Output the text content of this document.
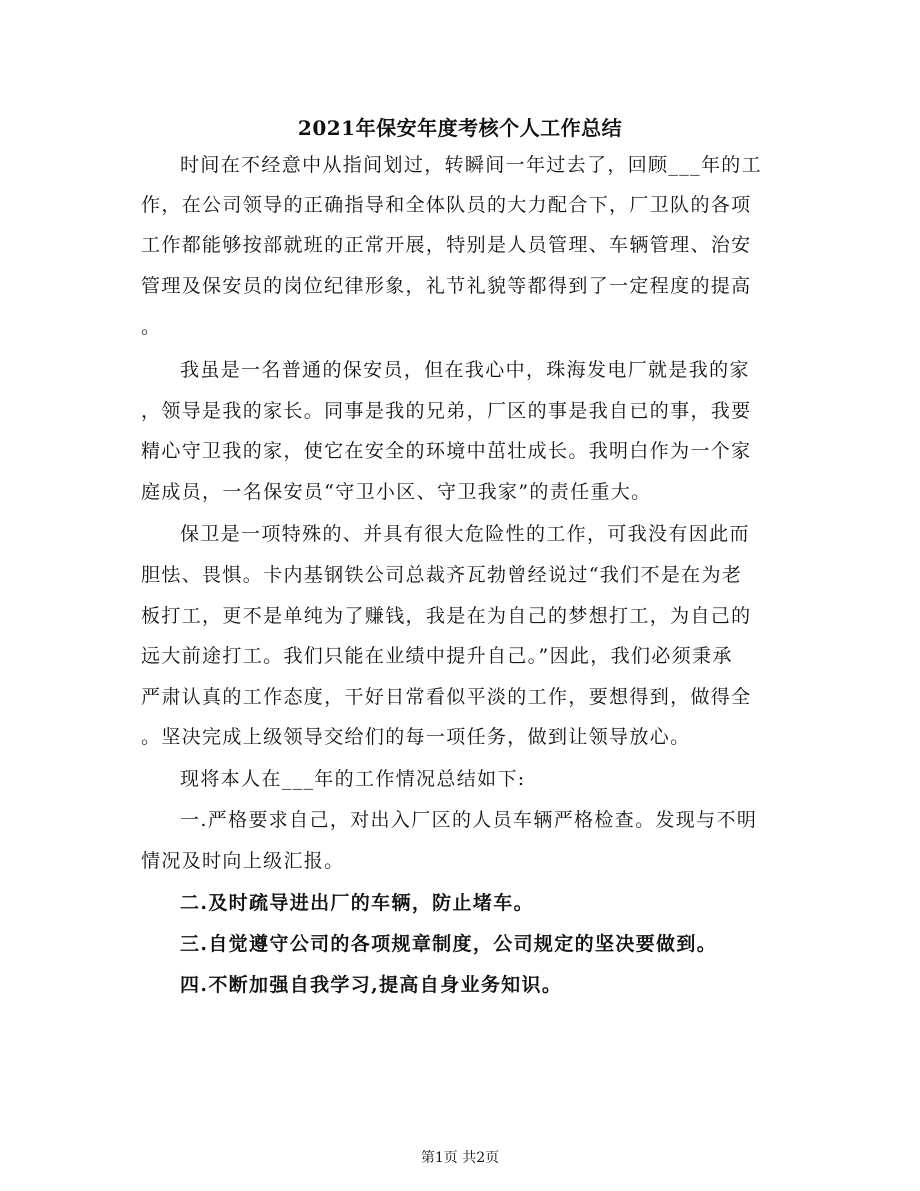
2021年保安年度考核个人工作总结
时间在不经意中从指间划过，转瞬间一年过去了，回顾___年的工
作，在公司领导的正确指导和全体队员的大力配合下，厂卫队的各项
工作都能够按部就班的正常开展，特别是人员管理、车辆管理、治安
管理及保安员的岗位纪律形象，礼节礼貌等都得到了一定程度的提高
。
我虽是一名普通的保安员，但在我心中，珠海发电厂就是我的家
，领导是我的家长。同事是我的兄弟，厂区的事是我自已的事，我要
精心守卫我的家，使它在安全的环境中茁壮成长。我明白作为一个家
庭成员，一名保安员“守卫小区、守卫我家”的责任重大。
保卫是一项特殊的、并具有很大危险性的工作，可我没有因此而
胆怯、畏惧。卡内基钢铁公司总裁齐瓦勃曾经说过“我们不是在为老
板打工，更不是单纯为了赚钱，我是在为自己的梦想打工，为自己的
远大前途打工。我们只能在业绩中提升自己。”因此，我们必须秉承
严肃认真的工作态度，干好日常看似平淡的工作，要想得到，做得全
。坚决完成上级领导交给们的每一项任务，做到让领导放心。
现将本人在___年的工作情况总结如下:
一.严格要求自己，对出入厂区的人员车辆严格检查。发现与不明
情况及时向上级汇报。
二.及时疏导进出厂的车辆，防止堵车。
三.自觉遵守公司的各项规章制度，公司规定的坚决要做到。
四.不断加强自我学习,提高自身业务知识。
第1页 共2页
